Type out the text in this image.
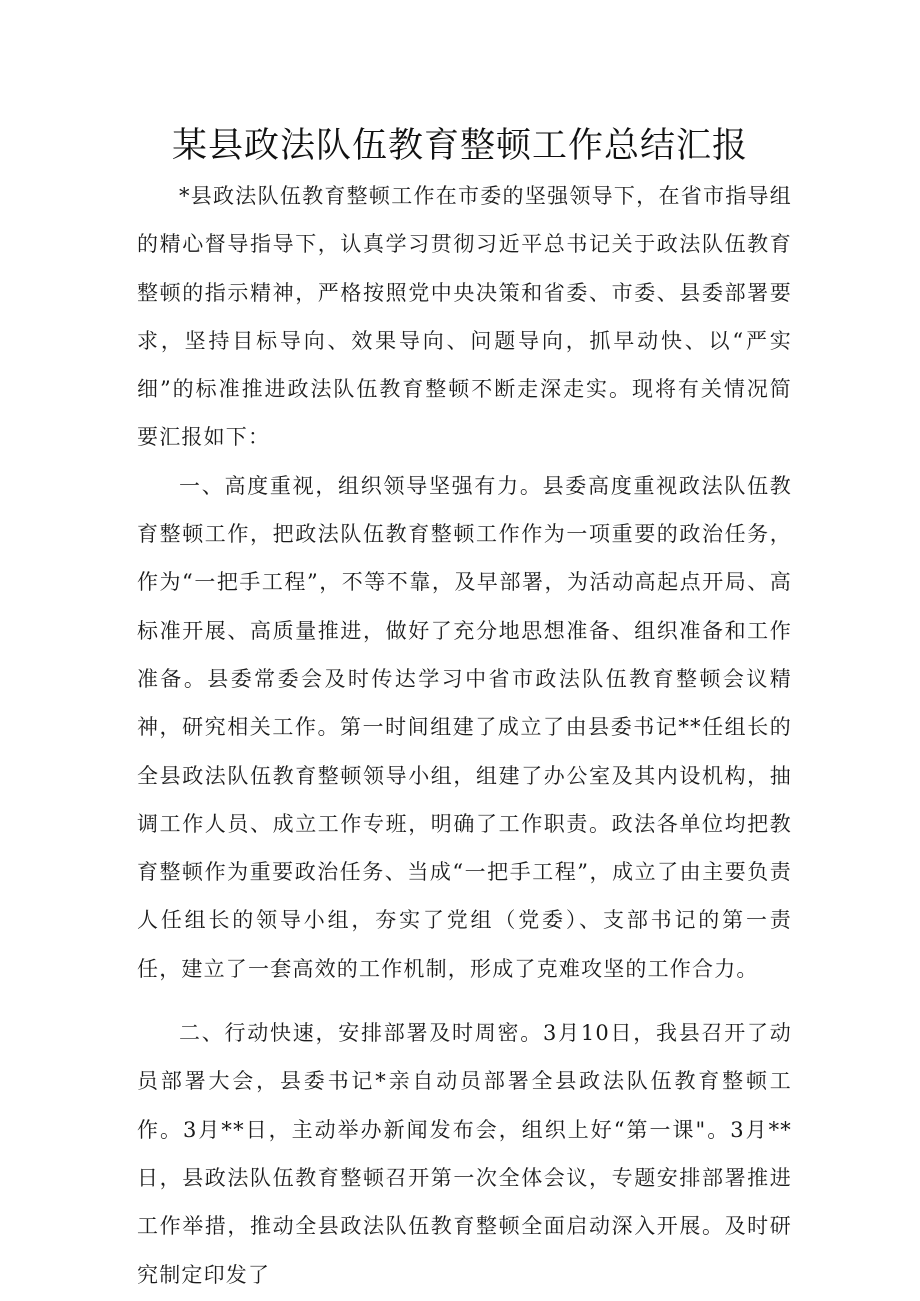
某县政法队伍教育整顿工作总结汇报

*县政法队伍教育整顿工作在市委的坚强领导下，在省市指导组的精心督导指导下，认真学习贯彻习近平总书记关于政法队伍教育整顿的指示精神，严格按照党中央决策和省委、市委、县委部署要求，坚持目标导向、效果导向、问题导向，抓早动快、以“严实细”的标准推进政法队伍教育整顿不断走深走实。现将有关情况简要汇报如下：

一、高度重视，组织领导坚强有力。县委高度重视政法队伍教育整顿工作，把政法队伍教育整顿工作作为一项重要的政治任务，作为“一把手工程”，不等不靠，及早部署，为活动高起点开局、高标准开展、高质量推进，做好了充分地思想准备、组织准备和工作准备。县委常委会及时传达学习中省市政法队伍教育整顿会议精神，研究相关工作。第一时间组建了成立了由县委书记**任组长的全县政法队伍教育整顿领导小组，组建了办公室及其内设机构，抽调工作人员、成立工作专班，明确了工作职责。政法各单位均把教育整顿作为重要政治任务、当成“一把手工程”，成立了由主要负责人任组长的领导小组，夯实了党组（党委）、支部书记的第一责任，建立了一套高效的工作机制，形成了克难攻坚的工作合力。

二、行动快速，安排部署及时周密。3月10日，我县召开了动员部署大会，县委书记*亲自动员部署全县政法队伍教育整顿工作。3月**日，主动举办新闻发布会，组织上好“第一课"。3月**日，县政法队伍教育整顿召开第一次全体会议，专题安排部署推进工作举措，推动全县政法队伍教育整顿全面启动深入开展。及时研究制定印发了
